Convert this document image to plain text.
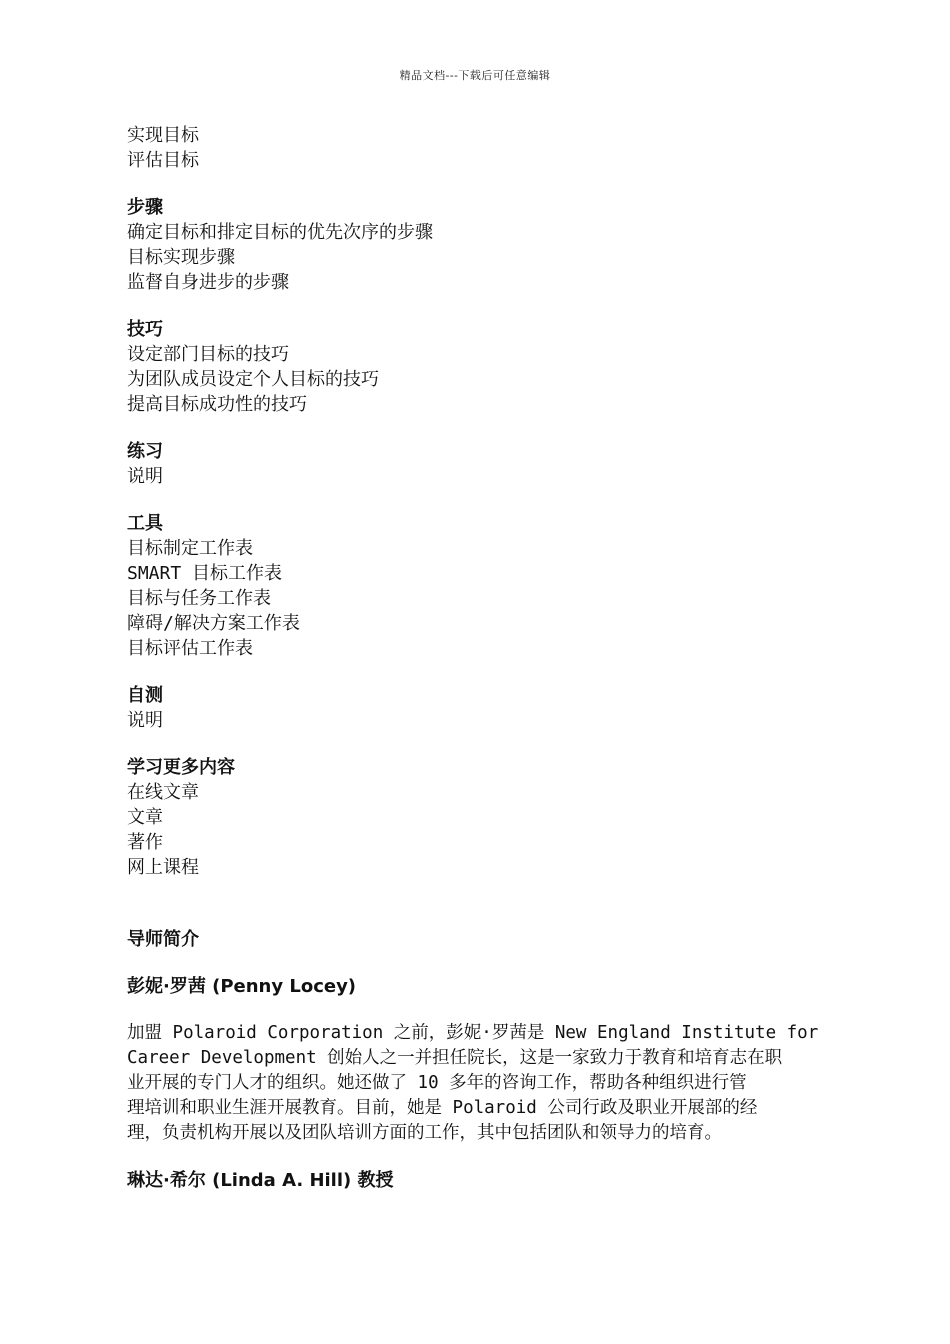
精品文档---下载后可任意编辑
实现目标
评估目标
步骤
确定目标和排定目标的优先次序的步骤
目标实现步骤
监督自身进步的步骤
技巧
设定部门目标的技巧
为团队成员设定个人目标的技巧
提高目标成功性的技巧
练习
说明
工具
目标制定工作表
SMART 目标工作表
目标与任务工作表
障碍/解决方案工作表
目标评估工作表
自测
说明
学习更多内容
在线文章
文章
著作
网上课程
导师简介
彭妮·罗茜 (Penny Locey)
加盟 Polaroid Corporation 之前，彭妮·罗茜是 New England Institute for
Career Development 创始人之一并担任院长，这是一家致力于教育和培育志在职
业开展的专门人才的组织。她还做了 10 多年的咨询工作，帮助各种组织进行管
理培训和职业生涯开展教育。目前，她是 Polaroid 公司行政及职业开展部的经
理，负责机构开展以及团队培训方面的工作，其中包括团队和领导力的培育。
琳达·希尔 (Linda A. Hill) 教授
